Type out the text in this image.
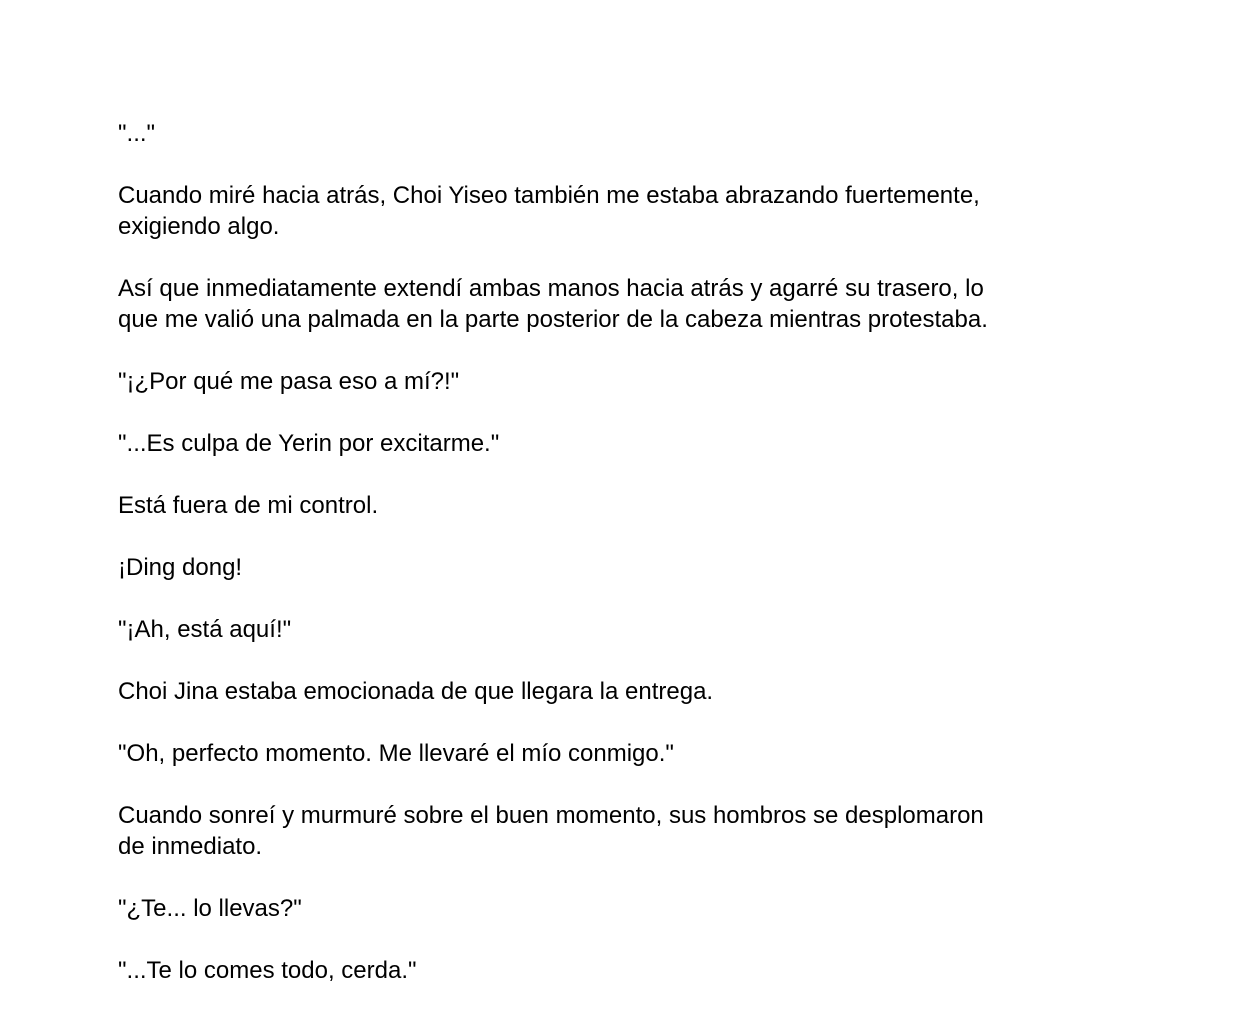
"..."

Cuando miré hacia atrás, Choi Yiseo también me estaba abrazando fuertemente,
exigiendo algo.

Así que inmediatamente extendí ambas manos hacia atrás y agarré su trasero, lo
que me valió una palmada en la parte posterior de la cabeza mientras protestaba.

"¡¿Por qué me pasa eso a mí?!"

"...Es culpa de Yerin por excitarme."

Está fuera de mi control.

¡Ding dong!

"¡Ah, está aquí!"

Choi Jina estaba emocionada de que llegara la entrega.

"Oh, perfecto momento. Me llevaré el mío conmigo."

Cuando sonreí y murmuré sobre el buen momento, sus hombros se desplomaron
de inmediato.

"¿Te... lo llevas?"

"...Te lo comes todo, cerda."
